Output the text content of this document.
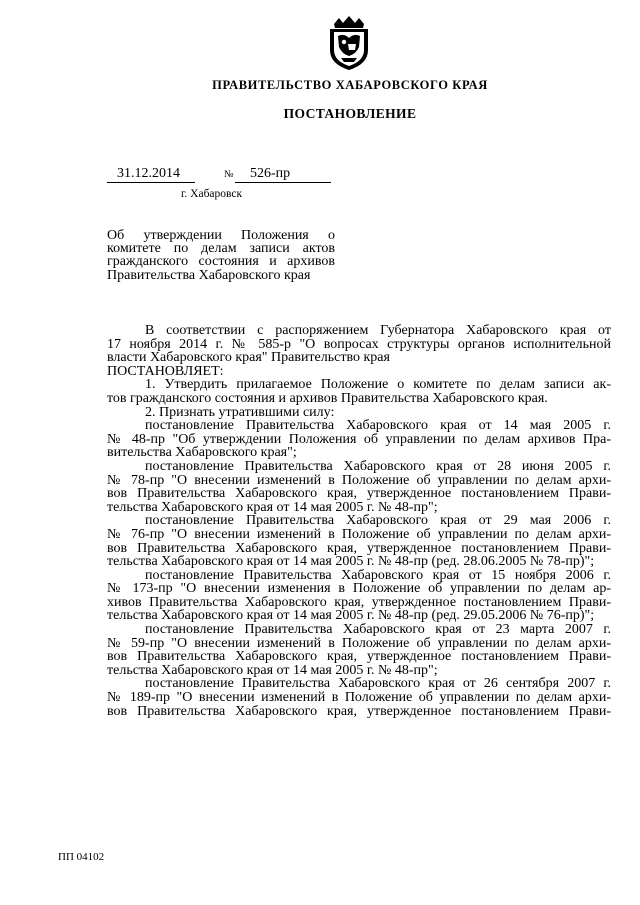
ПРАВИТЕЛЬСТВО ХАБАРОВСКОГО КРАЯ
ПОСТАНОВЛЕНИЕ
31.12.2014	№	526-пр
г. Хабаровск
Об утверждении Положения о комитете по делам записи актов гражданского состояния и архивов Правительства Хабаровского края

В соответствии с распоряжением Губернатора Хабаровского края от

17 ноября 2014 г. № 585-р "О вопросах структуры органов исполнительной

власти Хабаровского края" Правительство края

ПОСТАНОВЛЯЕТ:

1. Утвердить прилагаемое Положение о комитете по делам записи ак-

тов гражданского состояния и архивов Правительства Хабаровского края.

2. Признать утратившими силу:

постановление Правительства Хабаровского края от 14 мая 2005 г.

№ 48-пр "Об утверждении Положения об управлении по делам архивов Пра-

вительства Хабаровского края";

постановление Правительства Хабаровского края от 28 июня 2005 г.

№ 78-пр "О внесении изменений в Положение об управлении по делам архи-

вов Правительства Хабаровского края, утвержденное постановлением Прави-

тельства Хабаровского края от 14 мая 2005 г. № 48-пр";

постановление Правительства Хабаровского края от 29 мая 2006 г.

№ 76-пр "О внесении изменений в Положение об управлении по делам архи-

вов Правительства Хабаровского края, утвержденное постановлением Прави-

тельства Хабаровского края от 14 мая 2005 г. № 48-пр (ред. 28.06.2005 № 78-пр)";

постановление Правительства Хабаровского края от 15 ноября 2006 г.

№ 173-пр "О внесении изменения в Положение об управлении по делам ар-

хивов Правительства Хабаровского края, утвержденное постановлением Пpави-

тельства Хабаровского края от 14 мая 2005 г. № 48-пр (ред. 29.05.2006 № 76-пр)";

постановление Правительства Хабаровского края от 23 марта 2007 г.

№ 59-пр "О внесении изменений в Положение об управлении по делам архи-

вов Правительства Хабаровского края, утвержденное постановлением Прави-

тельства Хабаровского края от 14 мая 2005 г. № 48-пр";

постановление Правительства Хабаровского края от 26 сентября 2007 г.

№ 189-пр "О внесении изменений в Положение об управлении по делам архи-

вов Правительства Хабаровского края, утвержденное постановлением Прави-

ПП 04102
